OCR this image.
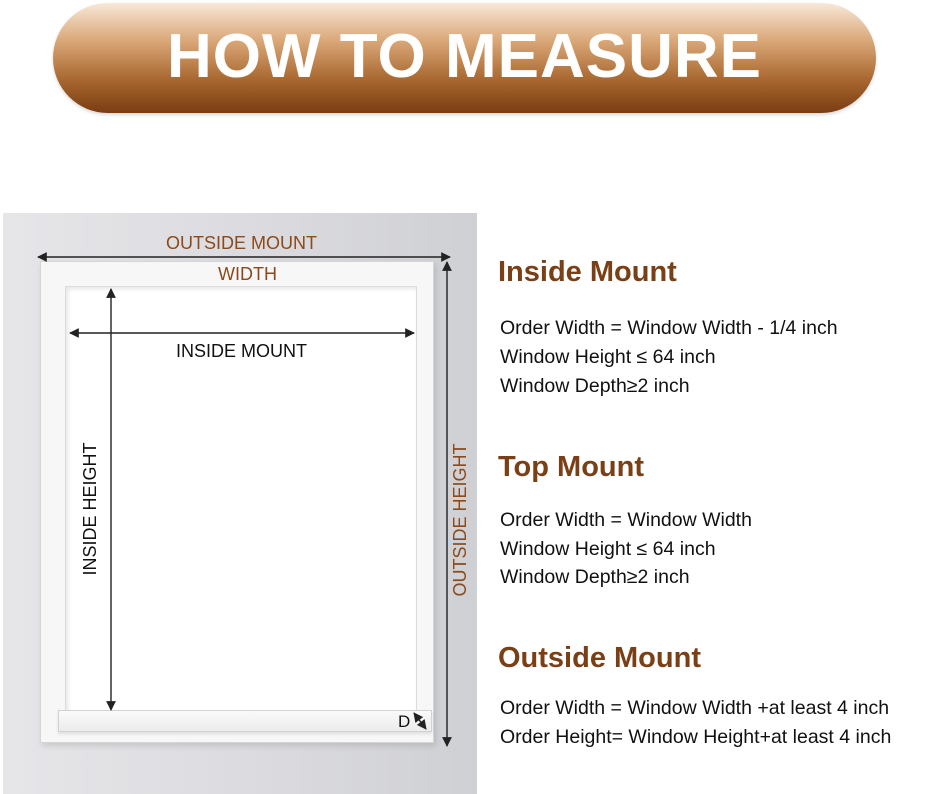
HOW TO MEASURE
OUTSIDE MOUNT
WIDTH
INSIDE MOUNT
INSIDE HEIGHT	OUTSIDE HEIGHT
D
Inside Mount
Order Width = Window Width - 1/4 inch
Window Height ≤ 64 inch
Window Depth≥2 inch
Top Mount
Order Width = Window Width
Window Height ≤ 64 inch
Window Depth≥2 inch
Outside Mount
Order Width = Window Width +at least 4 inch
Order Height= Window Height+at least 4 inch
